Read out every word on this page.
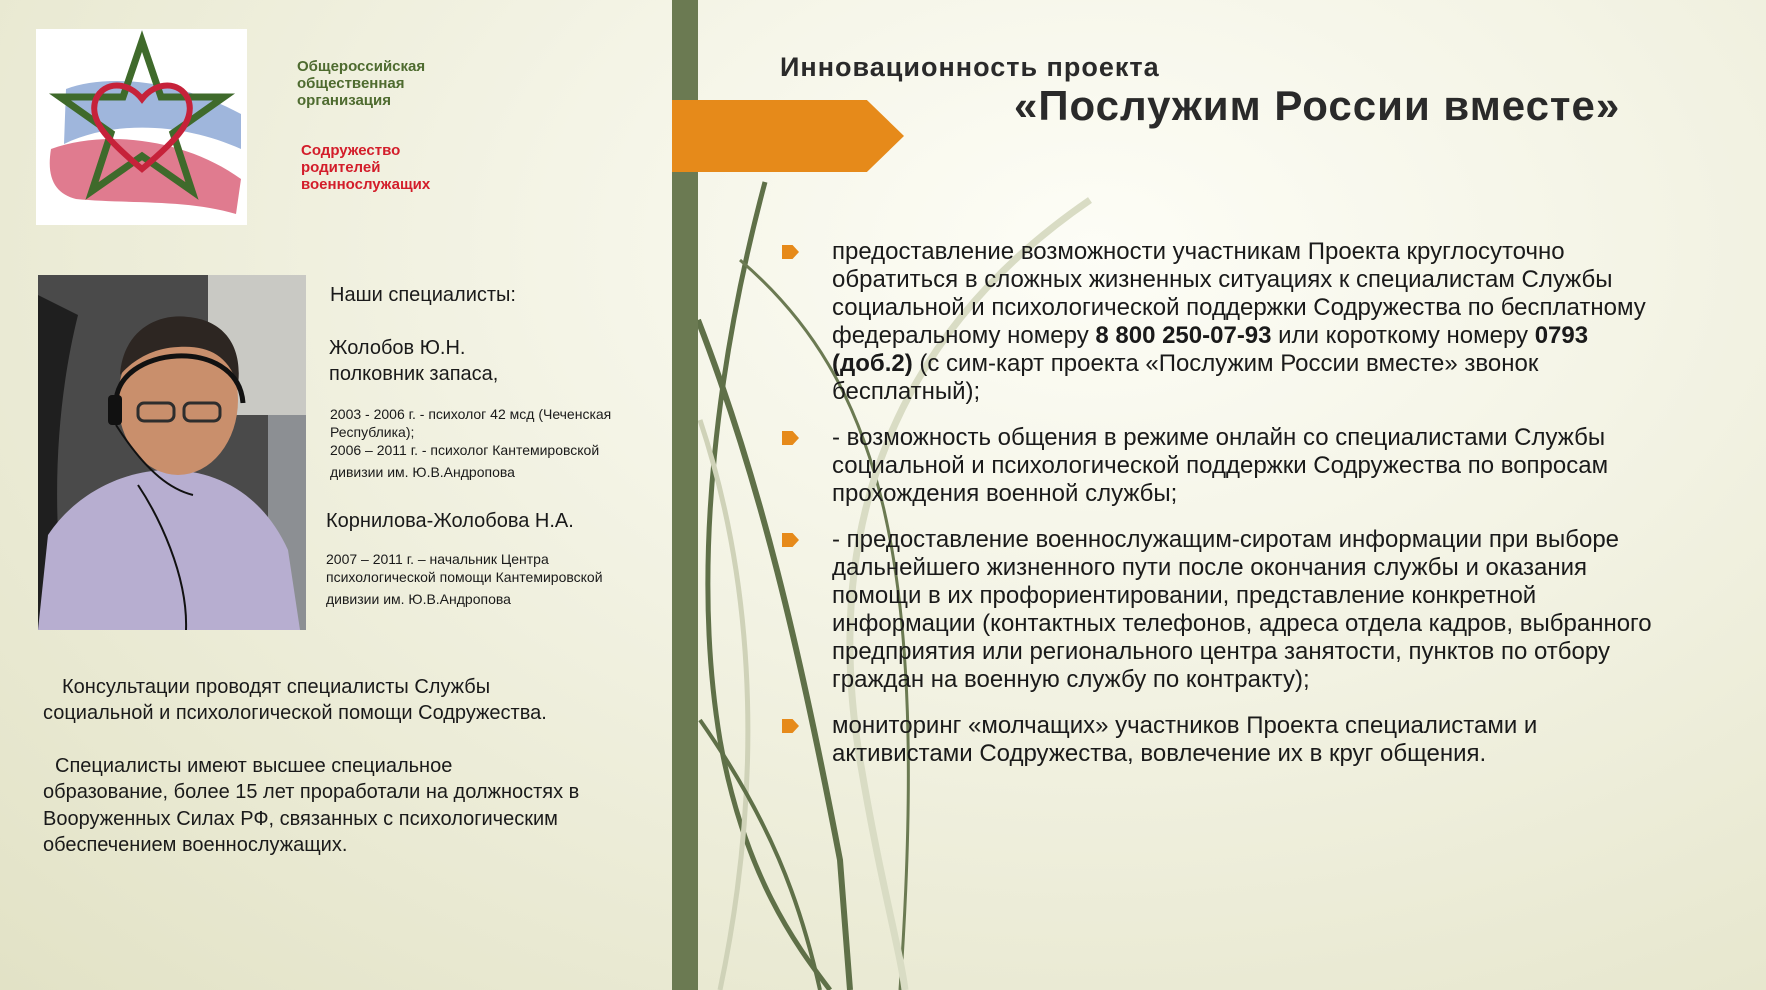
Общероссийская
общественная
организация
Содружество
родителей
военнослужащих
Наши специалисты:
Жолобов Ю.Н.
полковник запаса,
2003 - 2006 г. - психолог 42 мсд (Чеченская
Республика);
2006 – 2011 г. - психолог Кантемировской
дивизии им. Ю.В.Андропова
Корнилова-Жолобова Н.А.
2007 – 2011 г. – начальник Центра
психологической помощи Кантемировской
дивизии им. Ю.В.Андропова
Консультации проводят специалисты Службы
социальной и психологической помощи Содружества.
Специалисты имеют высшее специальное
образование, более 15 лет проработали на должностях в
Вооруженных Силах РФ, связанных с психологическим
обеспечением военнослужащих.
Инновационность проекта
«Послужим России вместе»
предоставление возможности участникам Проекта круглосуточно
обратиться в сложных жизненных ситуациях к специалистам Службы
социальной и психологической поддержки Содружества по бесплатному
федеральному номеру 8 800 250-07-93 или короткому номеру 0793
(доб.2) (с сим-карт проекта «Послужим России вместе» звонок
бесплатный);
- возможность общения в режиме онлайн со специалистами Службы
социальной и психологической поддержки Содружества по вопросам
прохождения военной службы;
- предоставление военнослужащим-сиротам информации при выборе
дальнейшего жизненного пути после окончания службы и оказания
помощи в их профориентировании, представление конкретной
информации (контактных телефонов, адреса отдела кадров, выбранного
предприятия или регионального центра занятости, пунктов по отбору
граждан на военную службу по контракту);
мониторинг «молчащих» участников Проекта специалистами и
активистами Содружества, вовлечение их в круг общения.
